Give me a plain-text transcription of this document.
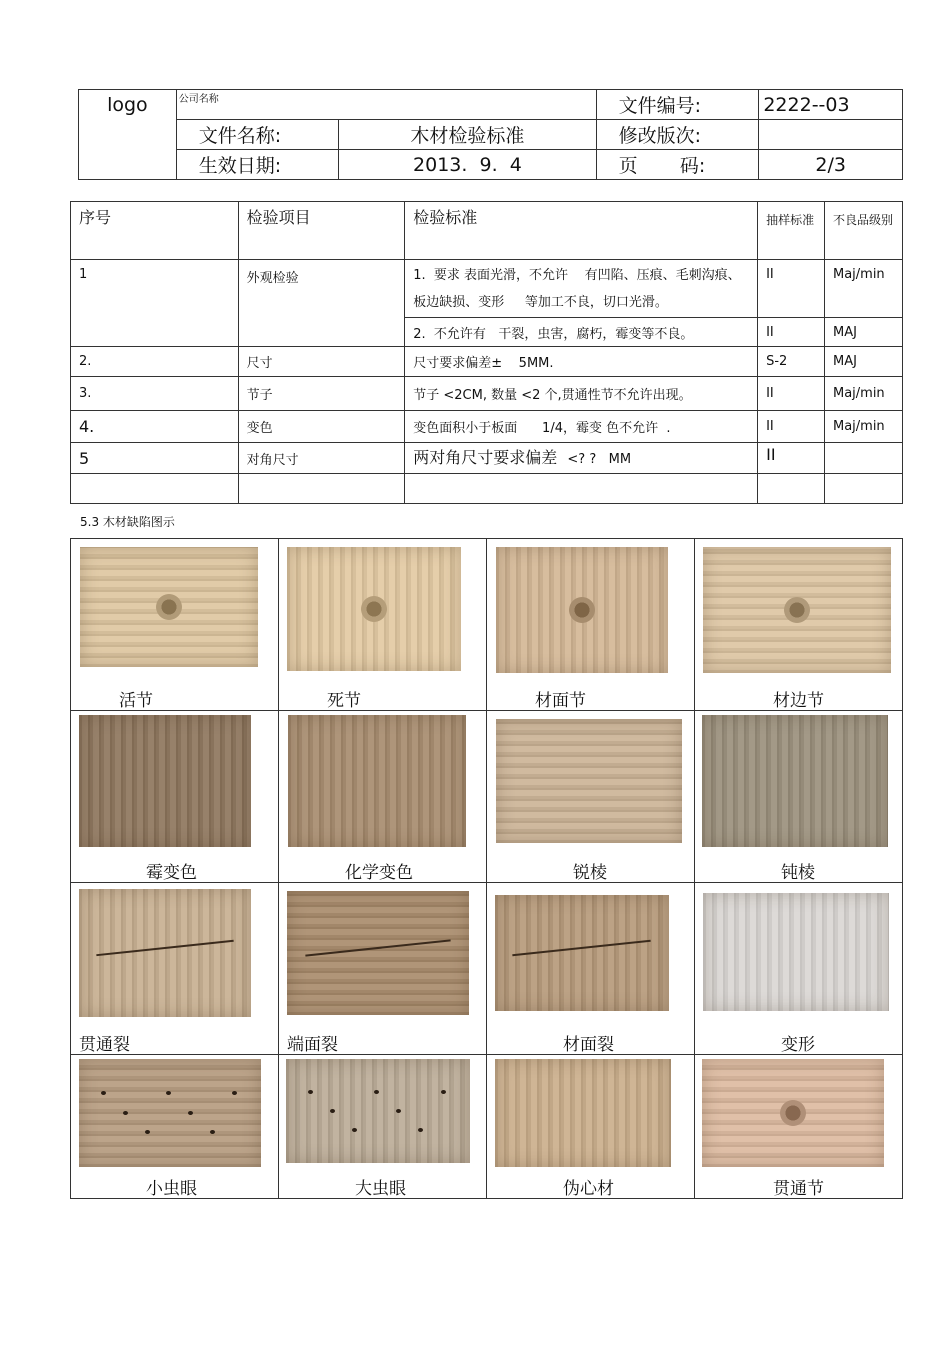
logo	公司名称		文件编号:	2222--03
	文件名称:	木材检验标准	修改版次:	
	生效日期:	2013.  9.  4	页       码:	2/3
序号	检验项目	检验标准	抽样标准	不良品级别
1	外观检验	1.  要求 表面光滑，不允许    有凹陷、压痕、毛刺沟痕、板边缺损、变形     等加工不良，切口光滑。	II	Maj/min
		2.  不允许有   干裂，虫害，腐朽，霉变等不良。	II	MAJ
2.	尺寸	尺寸要求偏差±    5MM.	S-2	MAJ
3.	节子	节子 <2CM, 数量 <2 个,贯通性节不允许出现。	II	Maj/min
4.	变色	变色面积小于板面      1/4，霉变 色不允许  .	II	Maj/min
5	对角尺寸	两对角尺寸要求偏差 <? ?   MM	II	

5.3 木材缺陷图示
活节	死节	材面节	材边节

霉变色	化学变色	锐棱	钝棱

贯通裂	端面裂	材面裂	变形

小虫眼	大虫眼	伪心材	贯通节
